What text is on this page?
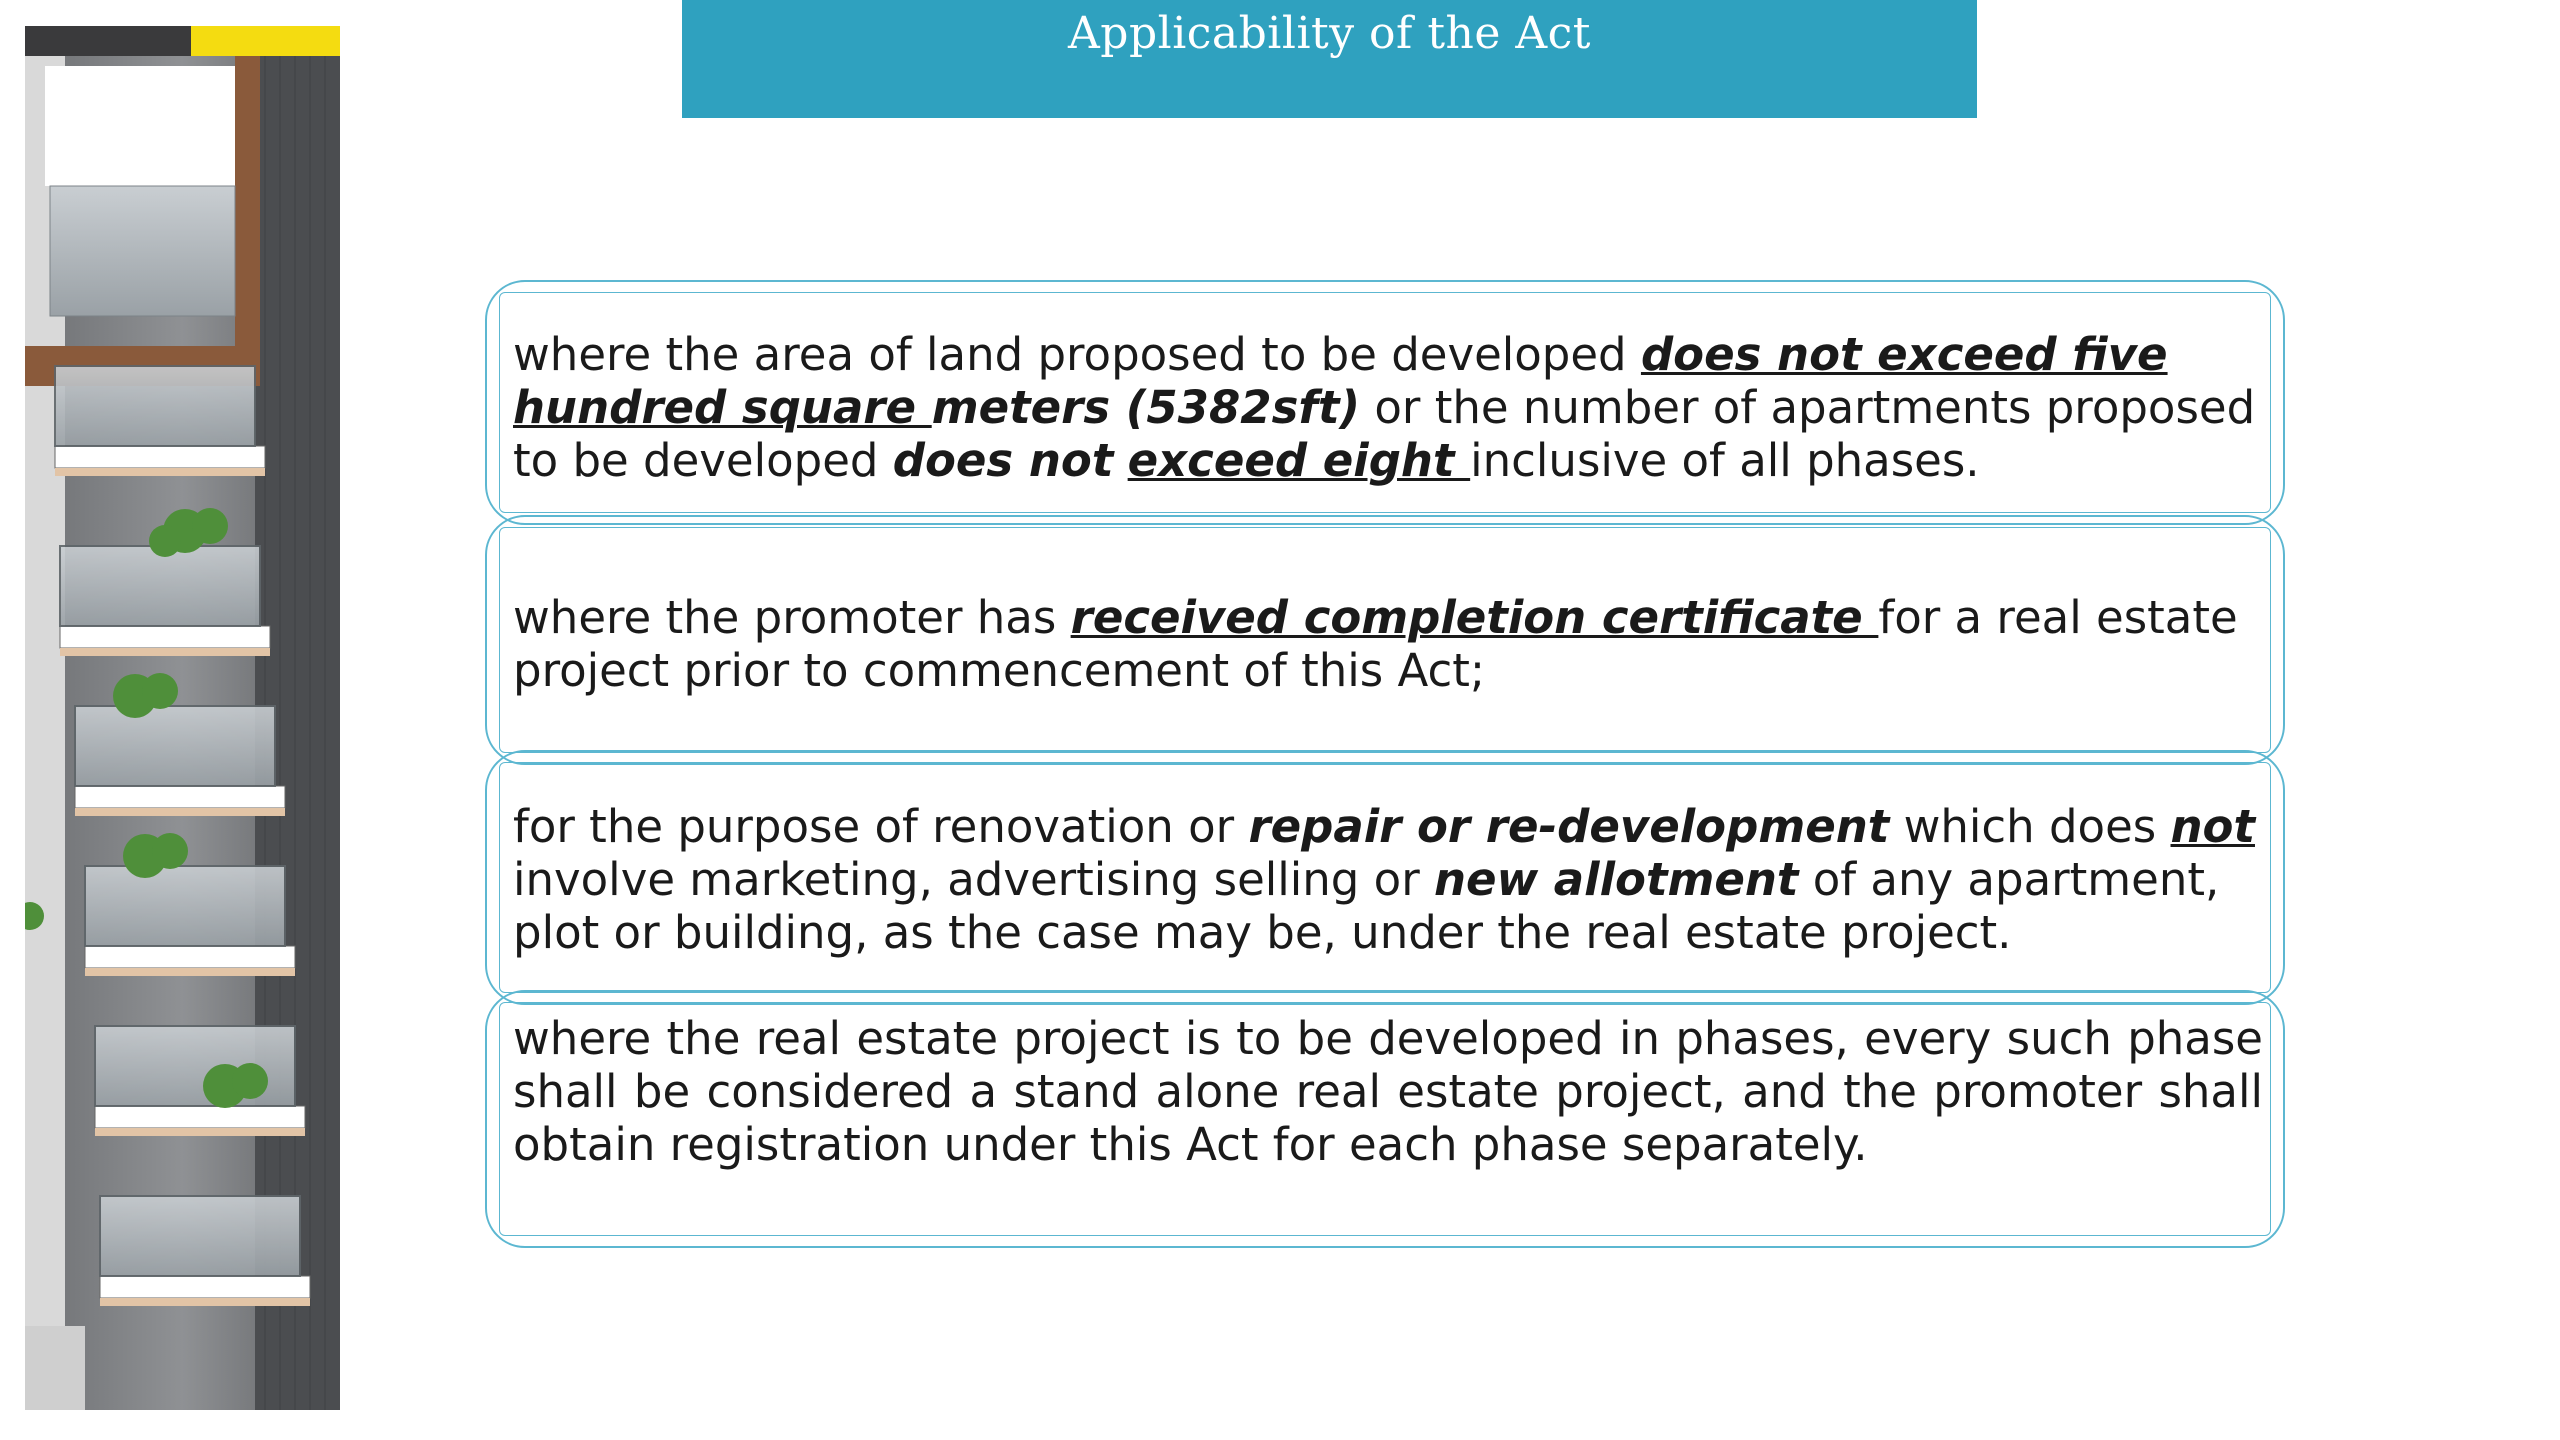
Applicability of the Act
where the area of land proposed to be developed does not exceed five hundred square meters (5382sft) or the number of apartments proposed to be developed does not exceed eight inclusive of all phases.
where the promoter has received completion certificate for a real estate project prior to commencement of this Act;
for the purpose of renovation or repair or re-development which does not involve marketing, advertising selling or new allotment of any apartment, plot or building, as the case may be, under the real estate project.
where the real estate project is to be developed in phases, every such phase shall be considered a stand alone real estate project, and the promoter shall obtain registration under this Act for each phase separately.
